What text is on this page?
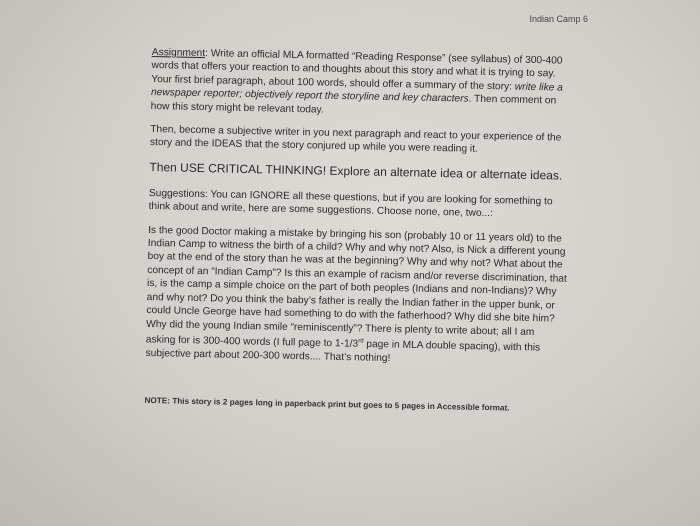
Indian Camp 6

Assignment: Write an official MLA formatted “Reading Response” (see syllabus) of 300-400 words that offers your reaction to and thoughts about this story and what it is trying to say. Your first brief paragraph, about 100 words, should offer a summary of the story: write like a newspaper reporter; objectively report the storyline and key characters. Then comment on how this story might be relevant today.

Then, become a subjective writer in you next paragraph and react to your experience of the story and the IDEAS that the story conjured up while you were reading it.

Then USE CRITICAL THINKING! Explore an alternate idea or alternate ideas.

Suggestions: You can IGNORE all these questions, but if you are looking for something to think about and write, here are some suggestions. Choose none, one, two...:

Is the good Doctor making a mistake by bringing his son (probably 10 or 11 years old) to the Indian Camp to witness the birth of a child? Why and why not? Also, is Nick a different young boy at the end of the story than he was at the beginning? Why and why not? What about the concept of an “Indian Camp”? Is this an example of racism and/or reverse discrimination, that is, is the camp a simple choice on the part of both peoples (Indians and non-Indians)? Why and why not? Do you think the baby’s father is really the Indian father in the upper bunk, or could Uncle George have had something to do with the fatherhood? Why did she bite him? Why did the young Indian smile “reminiscently”? There is plenty to write about; all I am asking for is 300-400 words (I full page to 1-1/3rd page in MLA double spacing), with this subjective part about 200-300 words.... That’s nothing!

NOTE: This story is 2 pages long in paperback print but goes to 5 pages in Accessible format.
